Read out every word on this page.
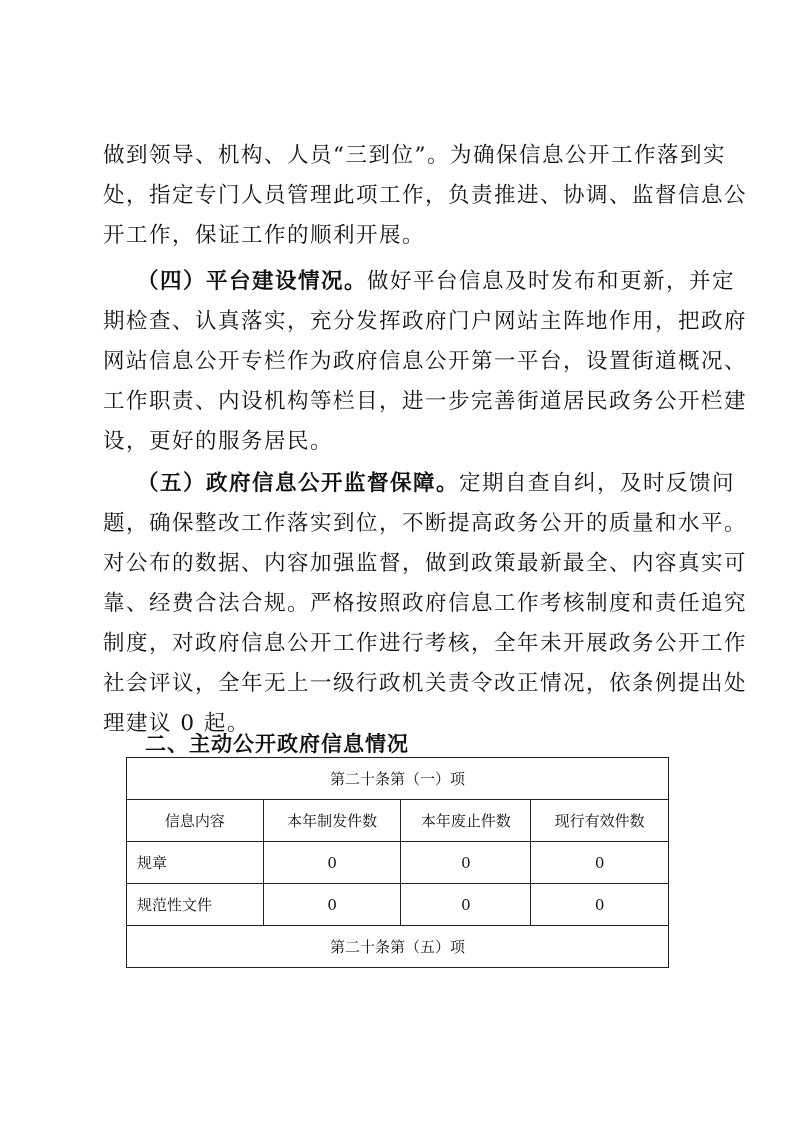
做到领导、机构、人员“三到位”。为确保信息公开工作落到实
处，指定专门人员管理此项工作，负责推进、协调、监督信息公
开工作，保证工作的顺利开展。

（四）平台建设情况。做好平台信息及时发布和更新，并定
期检查、认真落实，充分发挥政府门户网站主阵地作用，把政府
网站信息公开专栏作为政府信息公开第一平台，设置街道概况、
工作职责、内设机构等栏目，进一步完善街道居民政务公开栏建
设，更好的服务居民。

（五）政府信息公开监督保障。定期自查自纠，及时反馈问
题，确保整改工作落实到位，不断提高政务公开的质量和水平。
对公布的数据、内容加强监督，做到政策最新最全、内容真实可
靠、经费合法合规。严格按照政府信息工作考核制度和责任追究
制度，对政府信息公开工作进行考核，全年未开展政务公开工作
社会评议，全年无上一级行政机关责令改正情况，依条例提出处
理建议 0 起。

二、主动公开政府信息情况
第二十条第（一）项			
信息内容	本年制发件数	本年废止件数	现行有效件数
规章	0	0	0
规范性文件	0	0	0
第二十条第（五）项			
